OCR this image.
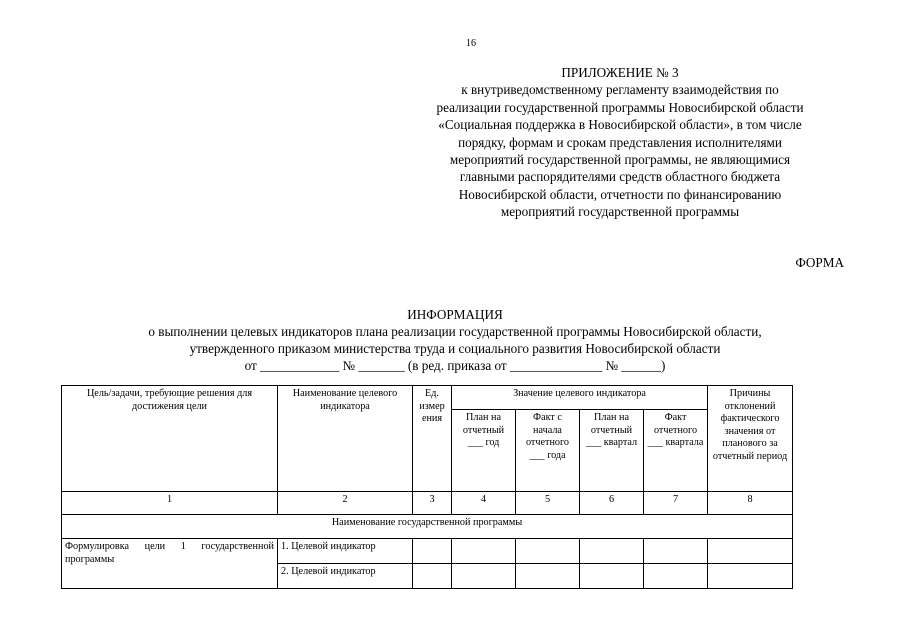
16
ПРИЛОЖЕНИЕ № 3
к внутриведомственному регламенту взаимодействия по
реализации государственной программы Новосибирской области
«Социальная поддержка в Новосибирской области», в том числе
порядку, формам и срокам представления исполнителями
мероприятий государственной программы, не являющимися
главными распорядителями средств областного бюджета
Новосибирской области, отчетности по финансированию
мероприятий государственной программы
ФОРМА
ИНФОРМАЦИЯ
о выполнении целевых индикаторов плана реализации государственной программы Новосибирской области,
утвержденного приказом министерства труда и социального развития Новосибирской области
от ____________ № _______ (в ред. приказа от ______________ № ______)
Цель/задачи, требующие решения для достижения цели	Наименование целевого индикатора	Ед. измер ения	Значение целевого индикатора				Причины отклонений фактического значения от планового за отчетный период
			План на отчетный ___ год	Факт с начала отчетного ___ года	План на отчетный ___ квартал	Факт отчетного ___ квартала	
1	2	3	4	5	6	7	8
Наименование государственной программы							
Формулировка цели 1 государственной программы	1. Целевой индикатор						
	2. Целевой индикатор						
